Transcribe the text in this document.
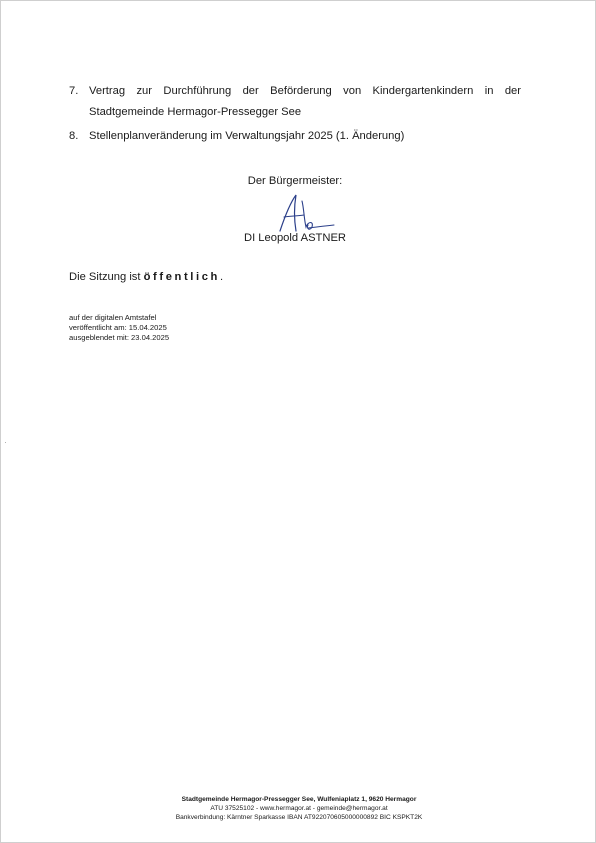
7. Vertrag zur Durchführung der Beförderung von Kindergartenkindern in der Stadtgemeinde Hermagor-Pressegger See
8. Stellenplanveränderung im Verwaltungsjahr 2025 (1. Änderung)
Der Bürgermeister:
DI Leopold ASTNER
Die Sitzung ist öffentlich.
auf der digitalen Amtstafel
veröffentlicht am: 15.04.2025
ausgeblendet mit: 23.04.2025
Stadtgemeinde Hermagor-Pressegger See, Wulfeniaplatz 1, 9620 Hermagor
ATU 37525102 - www.hermagor.at - gemeinde@hermagor.at
Bankverbindung: Kärntner Sparkasse IBAN AT922070605000000892 BIC KSPKT2K
